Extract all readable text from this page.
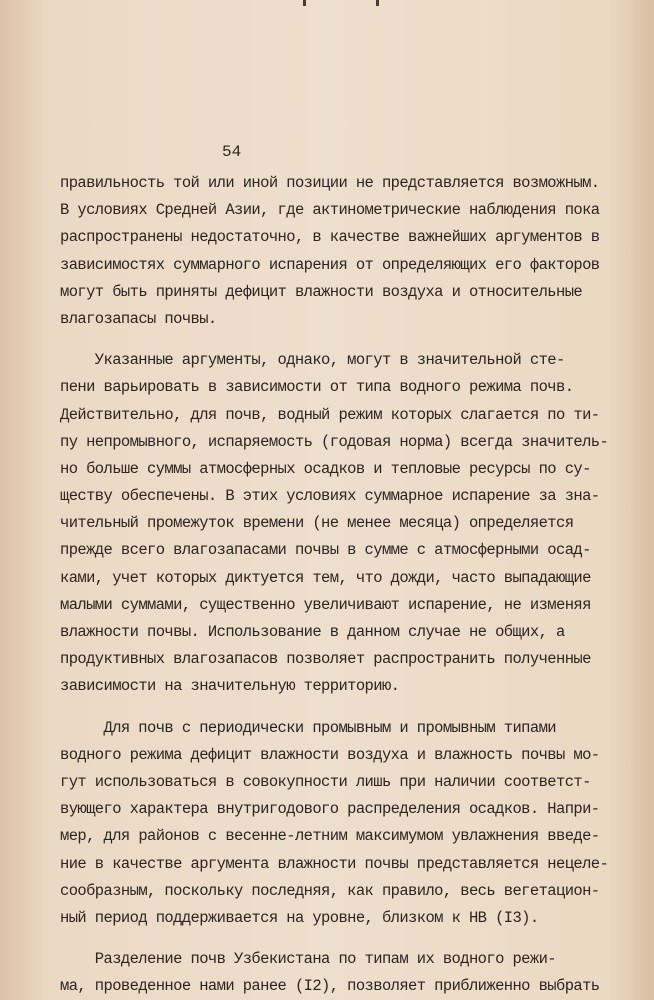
54
правильность той или иной позиции не представляется возможным.
В условиях Средней Азии, где актинометрические наблюдения пока
распространены недостаточно, в качестве важнейших аргументов в
зависимостях суммарного испарения от определяющих его факторов
могут быть приняты дефицит влажности воздуха и относительные
влагозапасы почвы.
Указанные аргументы, однако, могут в значительной сте-
пени варьировать в зависимости от типа водного режима почв.
Действительно, для почв, водный режим которых слагается по ти-
пу непромывного, испаряемость (годовая норма) всегда значитель-
но больше суммы атмосферных осадков и тепловые ресурсы по су-
ществу обеспечены. В этих условиях суммарное испарение за зна-
чительный промежуток времени (не менее месяца) определяется
прежде всего влагозапасами почвы в сумме с атмосферными осад-
ками, учет которых диктуется тем, что дожди, часто выпадающие
малыми суммами, существенно увеличивают испарение, не изменяя
влажности почвы. Использование в данном случае не общих, а
продуктивных влагозапасов позволяет распространить полученные
зависимости на значительную территорию.
Для почв с периодически промывным и промывным типами
водного режима дефицит влажности воздуха и влажность почвы мо-
гут использоваться в совокупности лишь при наличии соответст-
вующего характера внутригодового распределения осадков. Напри-
мер, для районов с весенне-летним максимумом увлажнения введе-
ние в качестве аргумента влажности почвы представляется нецеле-
сообразным, поскольку последняя, как правило, весь вегетацион-
ный период поддерживается на уровне, близком к НВ (I3).
Разделение почв Узбекистана по типам их водного режи-
ма, проведенное нами ранее (I2), позволяет приближенно выбрать
